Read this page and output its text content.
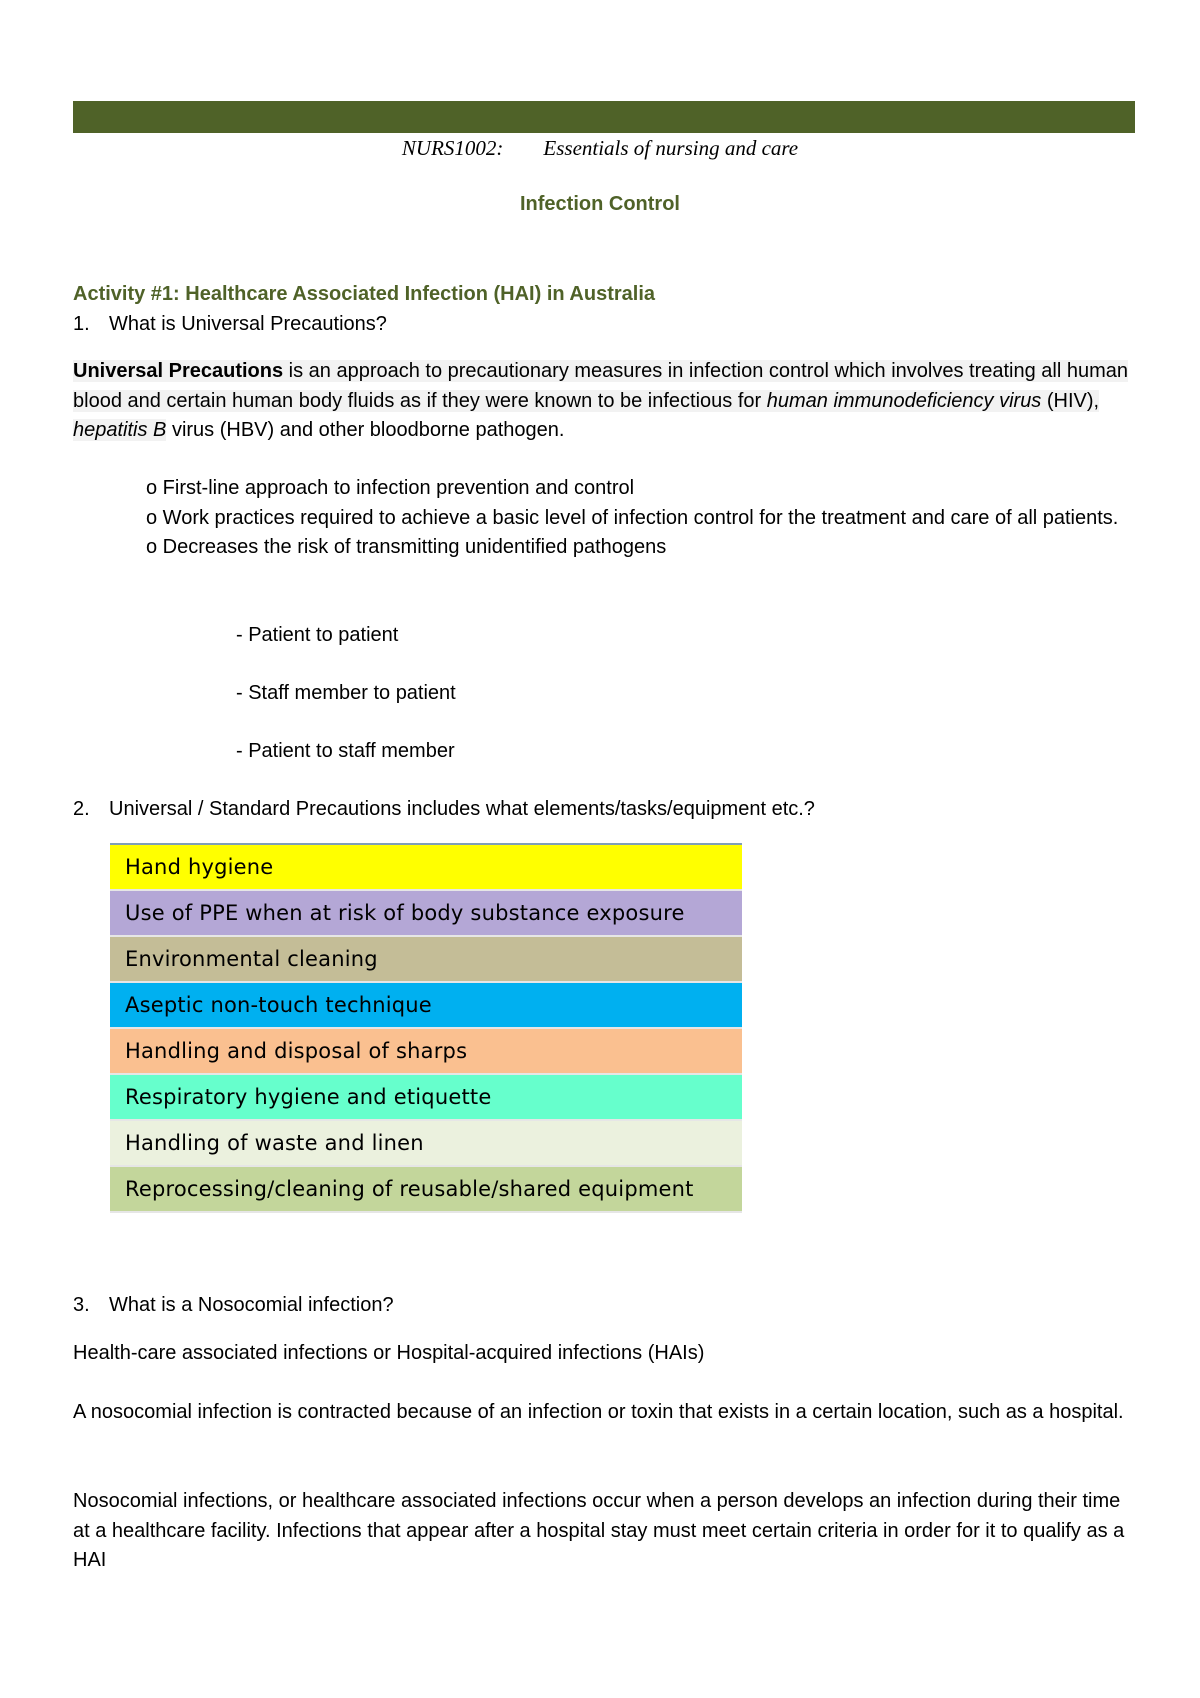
NURS1002: Essentials of nursing and care
Infection Control
Activity #1: Healthcare Associated Infection (HAI) in Australia
1. What is Universal Precautions?
Universal Precautions is an approach to precautionary measures in infection control which involves treating all human blood and certain human body fluids as if they were known to be infectious for human immunodeficiency virus (HIV), hepatitis B virus (HBV) and other bloodborne pathogen.
o First-line approach to infection prevention and control
o Work practices required to achieve a basic level of infection control for the treatment and care of all patients.
o Decreases the risk of transmitting unidentified pathogens
- Patient to patient
- Staff member to patient
- Patient to staff member
2. Universal / Standard Precautions includes what elements/tasks/equipment etc.?
Hand hygiene
Use of PPE when at risk of body substance exposure
Environmental cleaning
Aseptic non-touch technique
Handling and disposal of sharps
Respiratory hygiene and etiquette
Handling of waste and linen
Reprocessing/cleaning of reusable/shared equipment
3. What is a Nosocomial infection?
Health-care associated infections or Hospital-acquired infections (HAIs)
A nosocomial infection is contracted because of an infection or toxin that exists in a certain location, such as a hospital.
Nosocomial infections, or healthcare associated infections occur when a person develops an infection during their time at a healthcare facility. Infections that appear after a hospital stay must meet certain criteria in order for it to qualify as a HAI
